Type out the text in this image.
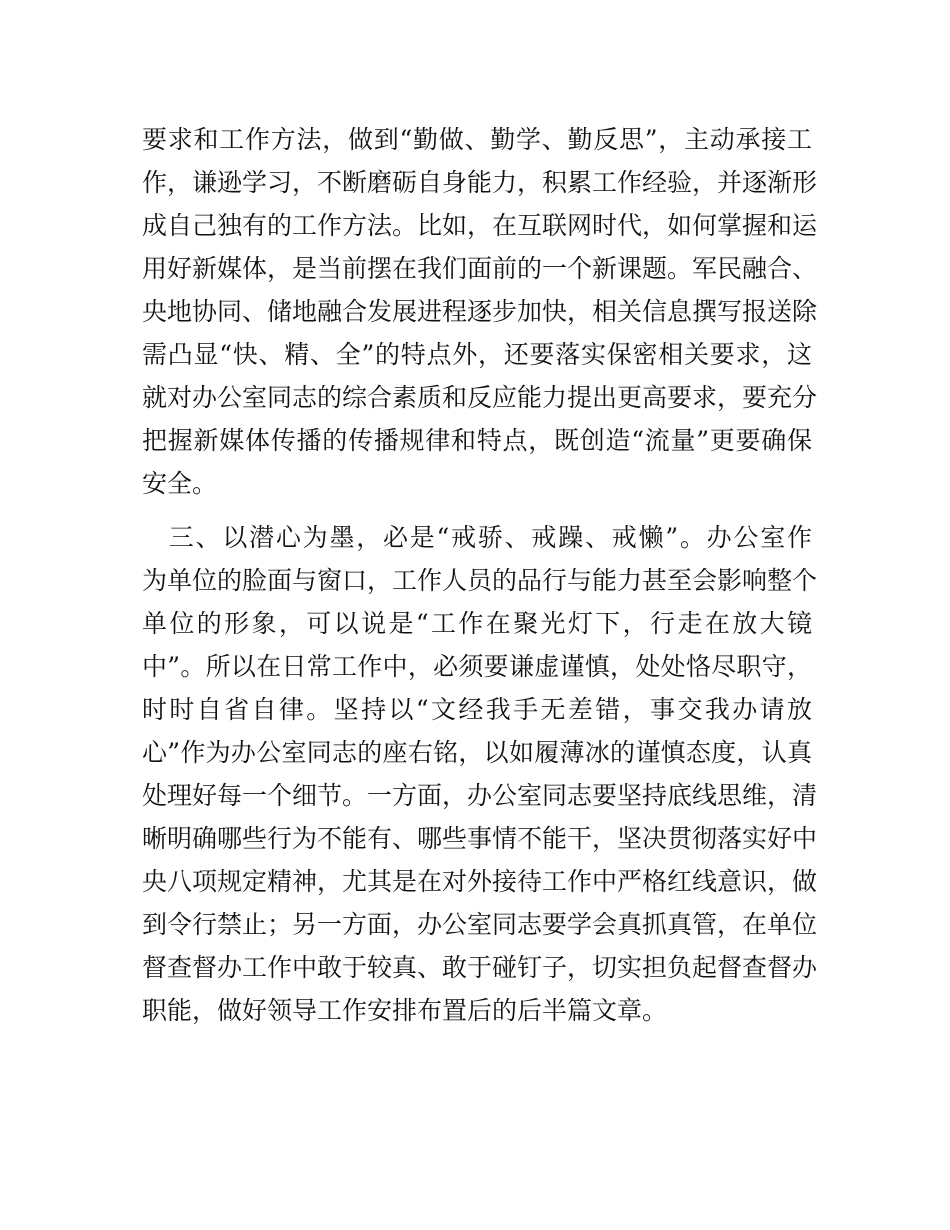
要求和工作方法，做到“勤做、勤学、勤反思”，主动承接工
作，谦逊学习，不断磨砺自身能力，积累工作经验，并逐渐形
成自己独有的工作方法。比如，在互联网时代，如何掌握和运
用好新媒体，是当前摆在我们面前的一个新课题。军民融合、
央地协同、储地融合发展进程逐步加快，相关信息撰写报送除
需凸显“快、精、全”的特点外，还要落实保密相关要求，这
就对办公室同志的综合素质和反应能力提出更高要求，要充分
把握新媒体传播的传播规律和特点，既创造“流量”更要确保
安全。
　三、以潜心为墨，必是“戒骄、戒躁、戒懒”。办公室作
为单位的脸面与窗口，工作人员的品行与能力甚至会影响整个
单位的形象，可以说是“工作在聚光灯下，行走在放大镜
中”。所以在日常工作中，必须要谦虚谨慎，处处恪尽职守，
时时自省自律。坚持以“文经我手无差错，事交我办请放
心”作为办公室同志的座右铭，以如履薄冰的谨慎态度，认真
处理好每一个细节。一方面，办公室同志要坚持底线思维，清
晰明确哪些行为不能有、哪些事情不能干，坚决贯彻落实好中
央八项规定精神，尤其是在对外接待工作中严格红线意识，做
到令行禁止；另一方面，办公室同志要学会真抓真管，在单位
督查督办工作中敢于较真、敢于碰钉子，切实担负起督查督办
职能，做好领导工作安排布置后的后半篇文章。
